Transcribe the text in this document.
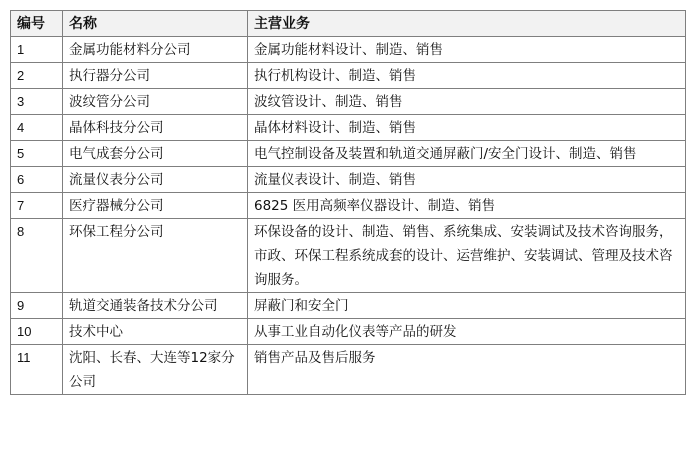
编号	名称	主营业务
1	金属功能材料分公司	金属功能材料设计、制造、销售
2	执行器分公司	执行机构设计、制造、销售
3	波纹管分公司	波纹管设计、制造、销售
4	晶体科技分公司	晶体材料设计、制造、销售
5	电气成套分公司	电气控制设备及装置和轨道交通屏蔽门/安全门设计、制造、销售
6	流量仪表分公司	流量仪表设计、制造、销售
7	医疗器械分公司	6825 医用高频率仪器设计、制造、销售
8	环保工程分公司	环保设备的设计、制造、销售、系统集成、安装调试及技术咨询服务，市政、环保工程系统成套的设计、运营维护、安装调试、管理及技术咨询服务。
9	轨道交通装备技术分公司	屏蔽门和安全门
10	技术中心	从事工业自动化仪表等产品的研发
11	沈阳、长春、大连等12家分公司	销售产品及售后服务
